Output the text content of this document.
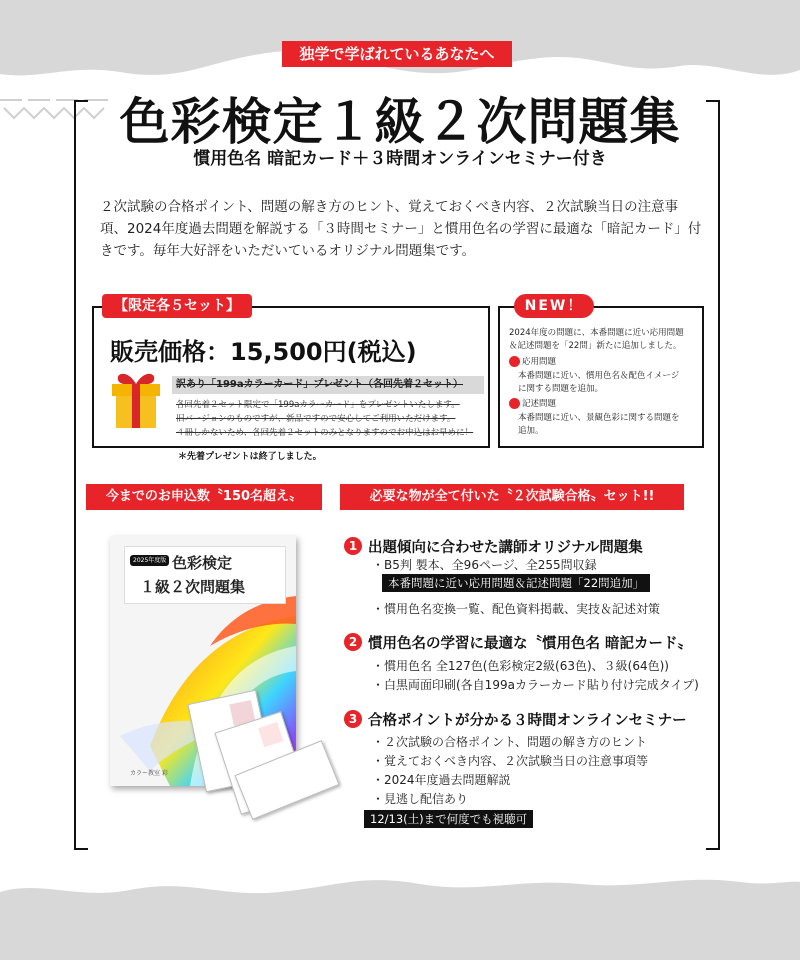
独学で学ばれているあなたへ
色彩検定１級２次問題集
慣用色名 暗記カード＋３時間オンラインセミナー付き
２次試験の合格ポイント、問題の解き方のヒント、覚えておくべき内容、２次試験当日の注意事項、2024年度過去問題を解説する「３時間セミナー」と慣用色名の学習に最適な「暗記カード」付きです。毎年大好評をいただいているオリジナル問題集です。
【限定各５セット】
販売価格：15,500円(税込)
訳あり「199aカラーカード」プレゼント（各回先着２セット）
各回先着２セット限定で「199aカラーカード」をプレゼントいたします。
旧バージョンのものですが、新品ですので安心してご利用いただけます。
４冊しかないため、各回先着２セットのみとなりますのでお申込はお早めに！
＊先着プレゼントは終了しました。
NEW！
2024年度の問題に、本番問題に近い応用問題
＆記述問題を「22問」新たに追加しました。
応用問題
本番問題に近い、慣用色名＆配色イメージ
に関する問題を追加。
記述問題
本番問題に近い、景観色彩に関する問題を
追加。
今までのお申込数〝150名超え〟	必要な物が全て付いた〝２次試験合格〟セット!!
2025年度版 色彩検定
１級２次問題集
カラー教室 彩
1 出題傾向に合わせた講師オリジナル問題集
・B5判 製本、全96ページ、全255問収録
本番問題に近い応用問題＆記述問題「22問追加」
・慣用色名変換一覧、配色資料掲載、実技＆記述対策
2 慣用色名の学習に最適な〝慣用色名 暗記カード〟
・慣用色名 全127色(色彩検定2級(63色)、３級(64色))
・白黒両面印刷(各自199aカラーカード貼り付け完成タイプ)
3 合格ポイントが分かる３時間オンラインセミナー
・２次試験の合格ポイント、問題の解き方のヒント
・覚えておくべき内容、２次試験当日の注意事項等
・2024年度過去問題解説
・見逃し配信あり
12/13(土)まで何度でも視聴可
